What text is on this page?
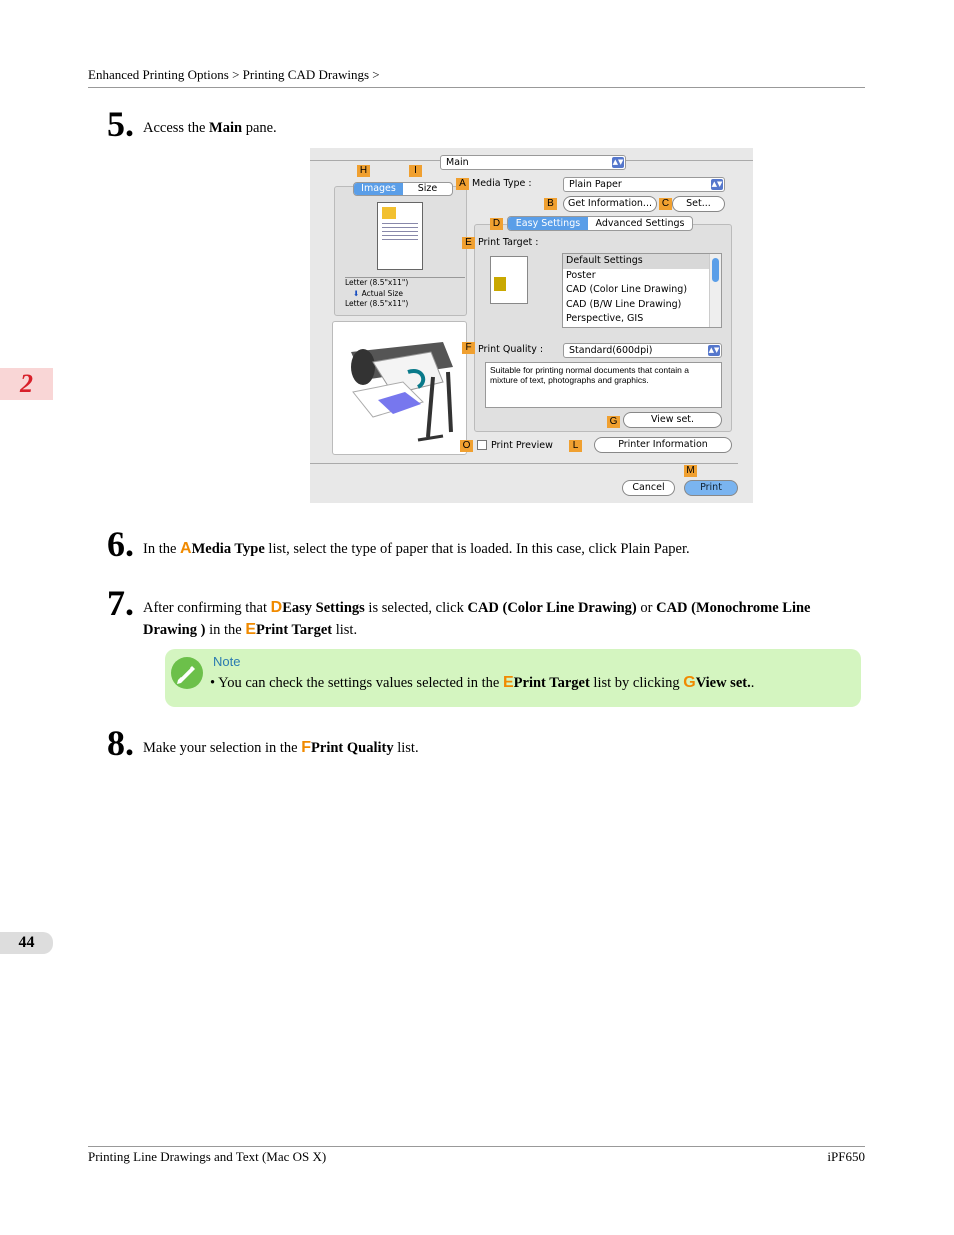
Enhanced Printing Options > Printing CAD Drawings >
2
44
5. Access the Main pane.
Main	▲▼
Images	Size
Letter (8.5"x11")
⬇ Actual Size
Letter (8.5"x11")
H	I
A Media Type :	Plain Paper	▲▼
B	Get Information... C	Set...
D	Easy Settings	Advanced Settings
E Print Target :
Default Settings
Poster
CAD (Color Line Drawing)
CAD (B/W Line Drawing)
Perspective, GIS
F Print Quality :	Standard(600dpi)	▲▼
Suitable for printing normal documents that contain a mixture of text, photographs and graphics.
G	View set.
O Print Preview	L	Printer Information
M
Cancel	Print
6. In the AMedia Type list, select the type of paper that is loaded. In this case, click Plain Paper.
7. After confirming that DEasy Settings is selected, click CAD (Color Line Drawing) or CAD (Monochrome Line Drawing ) in the EPrint Target list.
Note
• You can check the settings values selected in the EPrint Target list by clicking GView set..
8. Make your selection in the FPrint Quality list.
Printing Line Drawings and Text (Mac OS X)	iPF650
